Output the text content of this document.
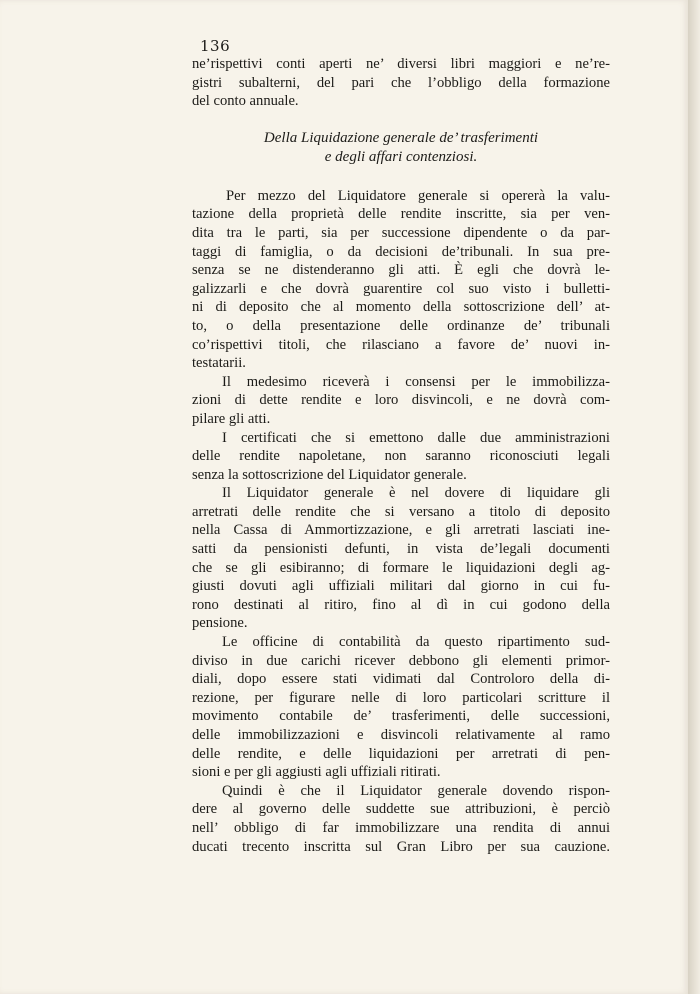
136
ne’rispettivi conti aperti ne’ diversi libri maggiori e ne’re-
gistri subalterni, del pari che l’obbligo della formazione
del conto annuale.
Della Liquidazione generale de’ trasferimenti
e degli affari contenziosi.
Per mezzo del Liquidatore generale si opererà la valu-
tazione della proprietà delle rendite inscritte, sia per ven-
dita tra le parti, sia per successione dipendente o da par-
taggi di famiglia, o da decisioni de’tribunali. In sua pre-
senza se ne distenderanno gli atti. È egli che dovrà le-
galizzarli e che dovrà guarentire col suo visto i bulletti-
ni di deposito che al momento della sottoscrizione dell’ at-
to, o della presentazione delle ordinanze de’ tribunali
co’rispettivi titoli, che rilasciano a favore de’ nuovi in-
testatarii.
Il medesimo riceverà i consensi per le immobilizza-
zioni di dette rendite e loro disvincoli, e ne dovrà com-
pilare gli atti.
I certificati che si emettono dalle due amministrazioni
delle rendite napoletane, non saranno riconosciuti legali
senza la sottoscrizione del Liquidator generale.
Il Liquidator generale è nel dovere di liquidare gli
arretrati delle rendite che si versano a titolo di deposito
nella Cassa di Ammortizzazione, e gli arretrati lasciati ine-
satti da pensionisti defunti, in vista de’legali documenti
che se gli esibiranno; di formare le liquidazioni degli ag-
giusti dovuti agli uffiziali militari dal giorno in cui fu-
rono destinati al ritiro, fino al dì in cui godono della
pensione.
Le officine di contabilità da questo ripartimento sud-
diviso in due carichi ricever debbono gli elementi primor-
diali, dopo essere stati vidimati dal Controloro della di-
rezione, per figurare nelle di loro particolari scritture il
movimento contabile de’ trasferimenti, delle successioni,
delle immobilizzazioni e disvincoli relativamente al ramo
delle rendite, e delle liquidazioni per arretrati di pen-
sioni e per gli aggiusti agli uffiziali ritirati.
Quindi è che il Liquidator generale dovendo rispon-
dere al governo delle suddette sue attribuzioni, è perciò
nell’ obbligo di far immobilizzare una rendita di annui
ducati trecento inscritta sul Gran Libro per sua cauzione.
